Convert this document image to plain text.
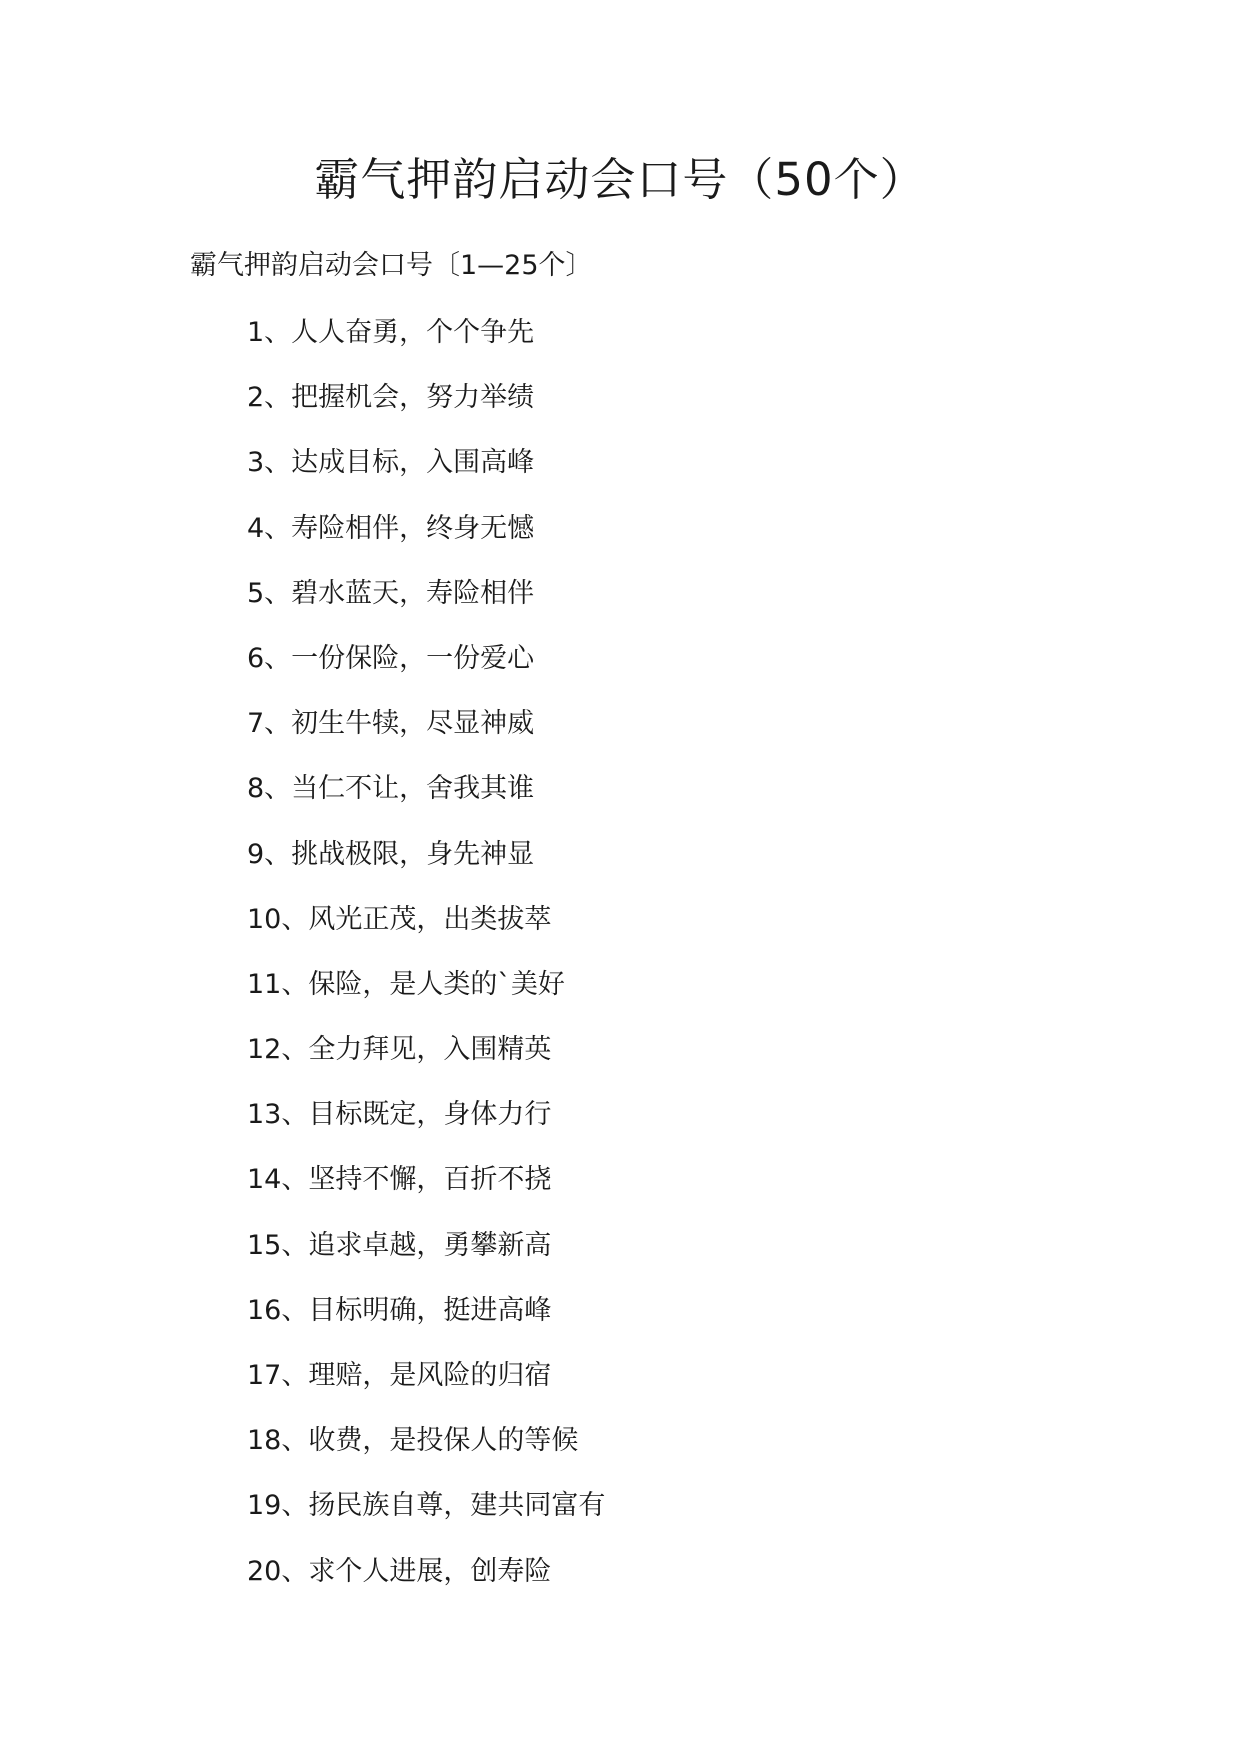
霸气押韵启动会口号（50个）
霸气押韵启动会口号〔1—25个〕
1、人人奋勇，个个争先
2、把握机会，努力举绩
3、达成目标，入围高峰
4、寿险相伴，终身无憾
5、碧水蓝天，寿险相伴
6、一份保险，一份爱心
7、初生牛犊，尽显神威
8、当仁不让，舍我其谁
9、挑战极限，身先神显
10、风光正茂，出类拔萃
11、保险，是人类的`美好
12、全力拜见，入围精英
13、目标既定，身体力行
14、坚持不懈，百折不挠
15、追求卓越，勇攀新高
16、目标明确，挺进高峰
17、理赔，是风险的归宿
18、收费，是投保人的等候
19、扬民族自尊，建共同富有
20、求个人进展，创寿险
